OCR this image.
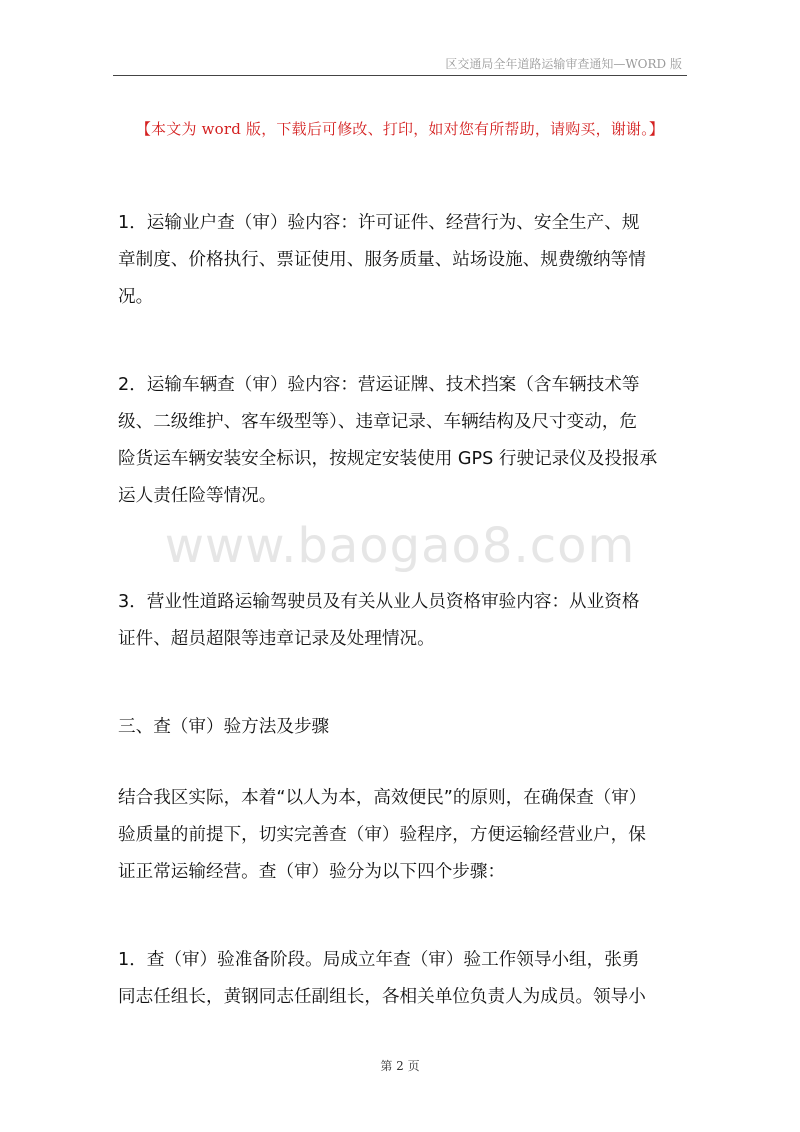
区交通局全年道路运输审查通知—WORD 版
【本文为 word 版，下载后可修改、打印，如对您有所帮助，请购买，谢谢。】
www.baogao8.com
1．运输业户查（审）验内容：许可证件、经营行为、安全生产、规
章制度、价格执行、票证使用、服务质量、站场设施、规费缴纳等情
况。
2．运输车辆查（审）验内容：营运证牌、技术挡案（含车辆技术等
级、二级维护、客车级型等）、违章记录、车辆结构及尺寸变动，危
险货运车辆安装安全标识，按规定安装使用 GPS 行驶记录仪及投报承
运人责任险等情况。
3．营业性道路运输驾驶员及有关从业人员资格审验内容：从业资格
证件、超员超限等违章记录及处理情况。
三、查（审）验方法及步骤
结合我区实际，本着“以人为本，高效便民”的原则，在确保查（审）
验质量的前提下，切实完善查（审）验程序，方便运输经营业户，保
证正常运输经营。查（审）验分为以下四个步骤：
1．查（审）验准备阶段。局成立年查（审）验工作领导小组，张勇
同志任组长，黄钢同志任副组长，各相关单位负责人为成员。领导小
第 2 页
